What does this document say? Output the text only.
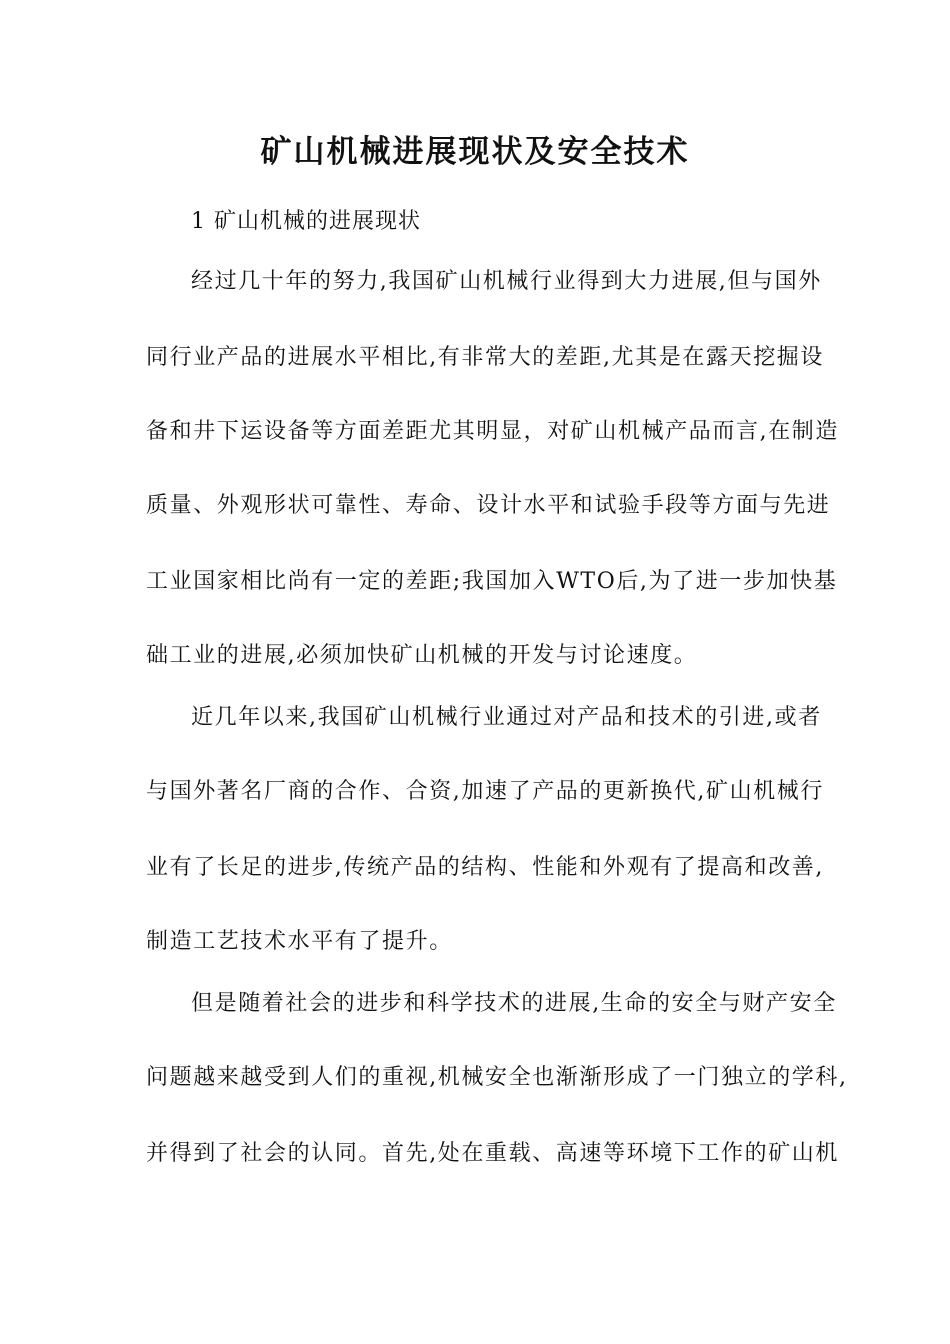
矿山机械进展现状及安全技术

1 矿山机械的进展现状

经过几十年的努力,我国矿山机械行业得到大力进展,但与国外

同行业产品的进展水平相比,有非常大的差距,尤其是在露天挖掘设

备和井下运设备等方面差距尤其明显，对矿山机械产品而言,在制造

质量、外观形状可靠性、寿命、设计水平和试验手段等方面与先进

工业国家相比尚有一定的差距;我国加入WTO后,为了进一步加快基

础工业的进展,必须加快矿山机械的开发与讨论速度。

近几年以来,我国矿山机械行业通过对产品和技术的引进,或者

与国外著名厂商的合作、合资,加速了产品的更新换代,矿山机械行

业有了长足的进步,传统产品的结构、性能和外观有了提高和改善,

制造工艺技术水平有了提升。

但是随着社会的进步和科学技术的进展,生命的安全与财产安全

问题越来越受到人们的重视,机械安全也渐渐形成了一门独立的学科,

并得到了社会的认同。首先,处在重载、高速等环境下工作的矿山机
